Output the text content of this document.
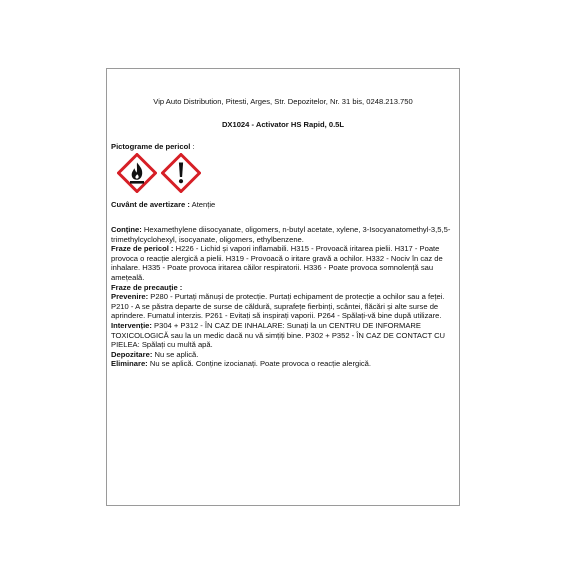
Vip Auto Distribution, Pitesti, Arges, Str. Depozitelor, Nr. 31 bis, 0248.213.750
DX1024 - Activator HS Rapid, 0.5L
Pictograme de pericol :
Cuvânt de avertizare : Atenție

Conține: Hexamethylene diisocyanate, oligomers, n-butyl acetate, xylene, 3-Isocyanatomethyl-3,5,5-trimethylcyclohexyl, isocyanate, oligomers, ethylbenzene.

Fraze de pericol : H226 - Lichid și vapori inflamabili. H315 - Provoacă iritarea pielii. H317 - Poate provoca o reacție alergică a pielii. H319 - Provoacă o iritare gravă a ochilor. H332 - Nociv în caz de inhalare. H335 - Poate provoca iritarea căilor respiratorii. H336 - Poate provoca somnolență sau amețeală.

Fraze de precauție :

Prevenire: P280 - Purtați mănuși de protecție. Purtați echipament de protecție a ochilor sau a feței. P210 - A se păstra departe de surse de căldură, suprafețe fierbinți, scântei, flăcări și alte surse de aprindere. Fumatul interzis. P261 - Evitați să inspirați vaporii. P264 - Spălați-vă bine după utilizare.

Intervenție: P304 + P312 - ÎN CAZ DE INHALARE: Sunați la un CENTRU DE INFORMARE TOXICOLOGICĂ sau la un medic dacă nu vă simțiți bine. P302 + P352 - ÎN CAZ DE CONTACT CU PIELEA: Spălați cu multă apă.

Depozitare: Nu se aplică.

Eliminare: Nu se aplică. Conține izocianați. Poate provoca o reacție alergică.
